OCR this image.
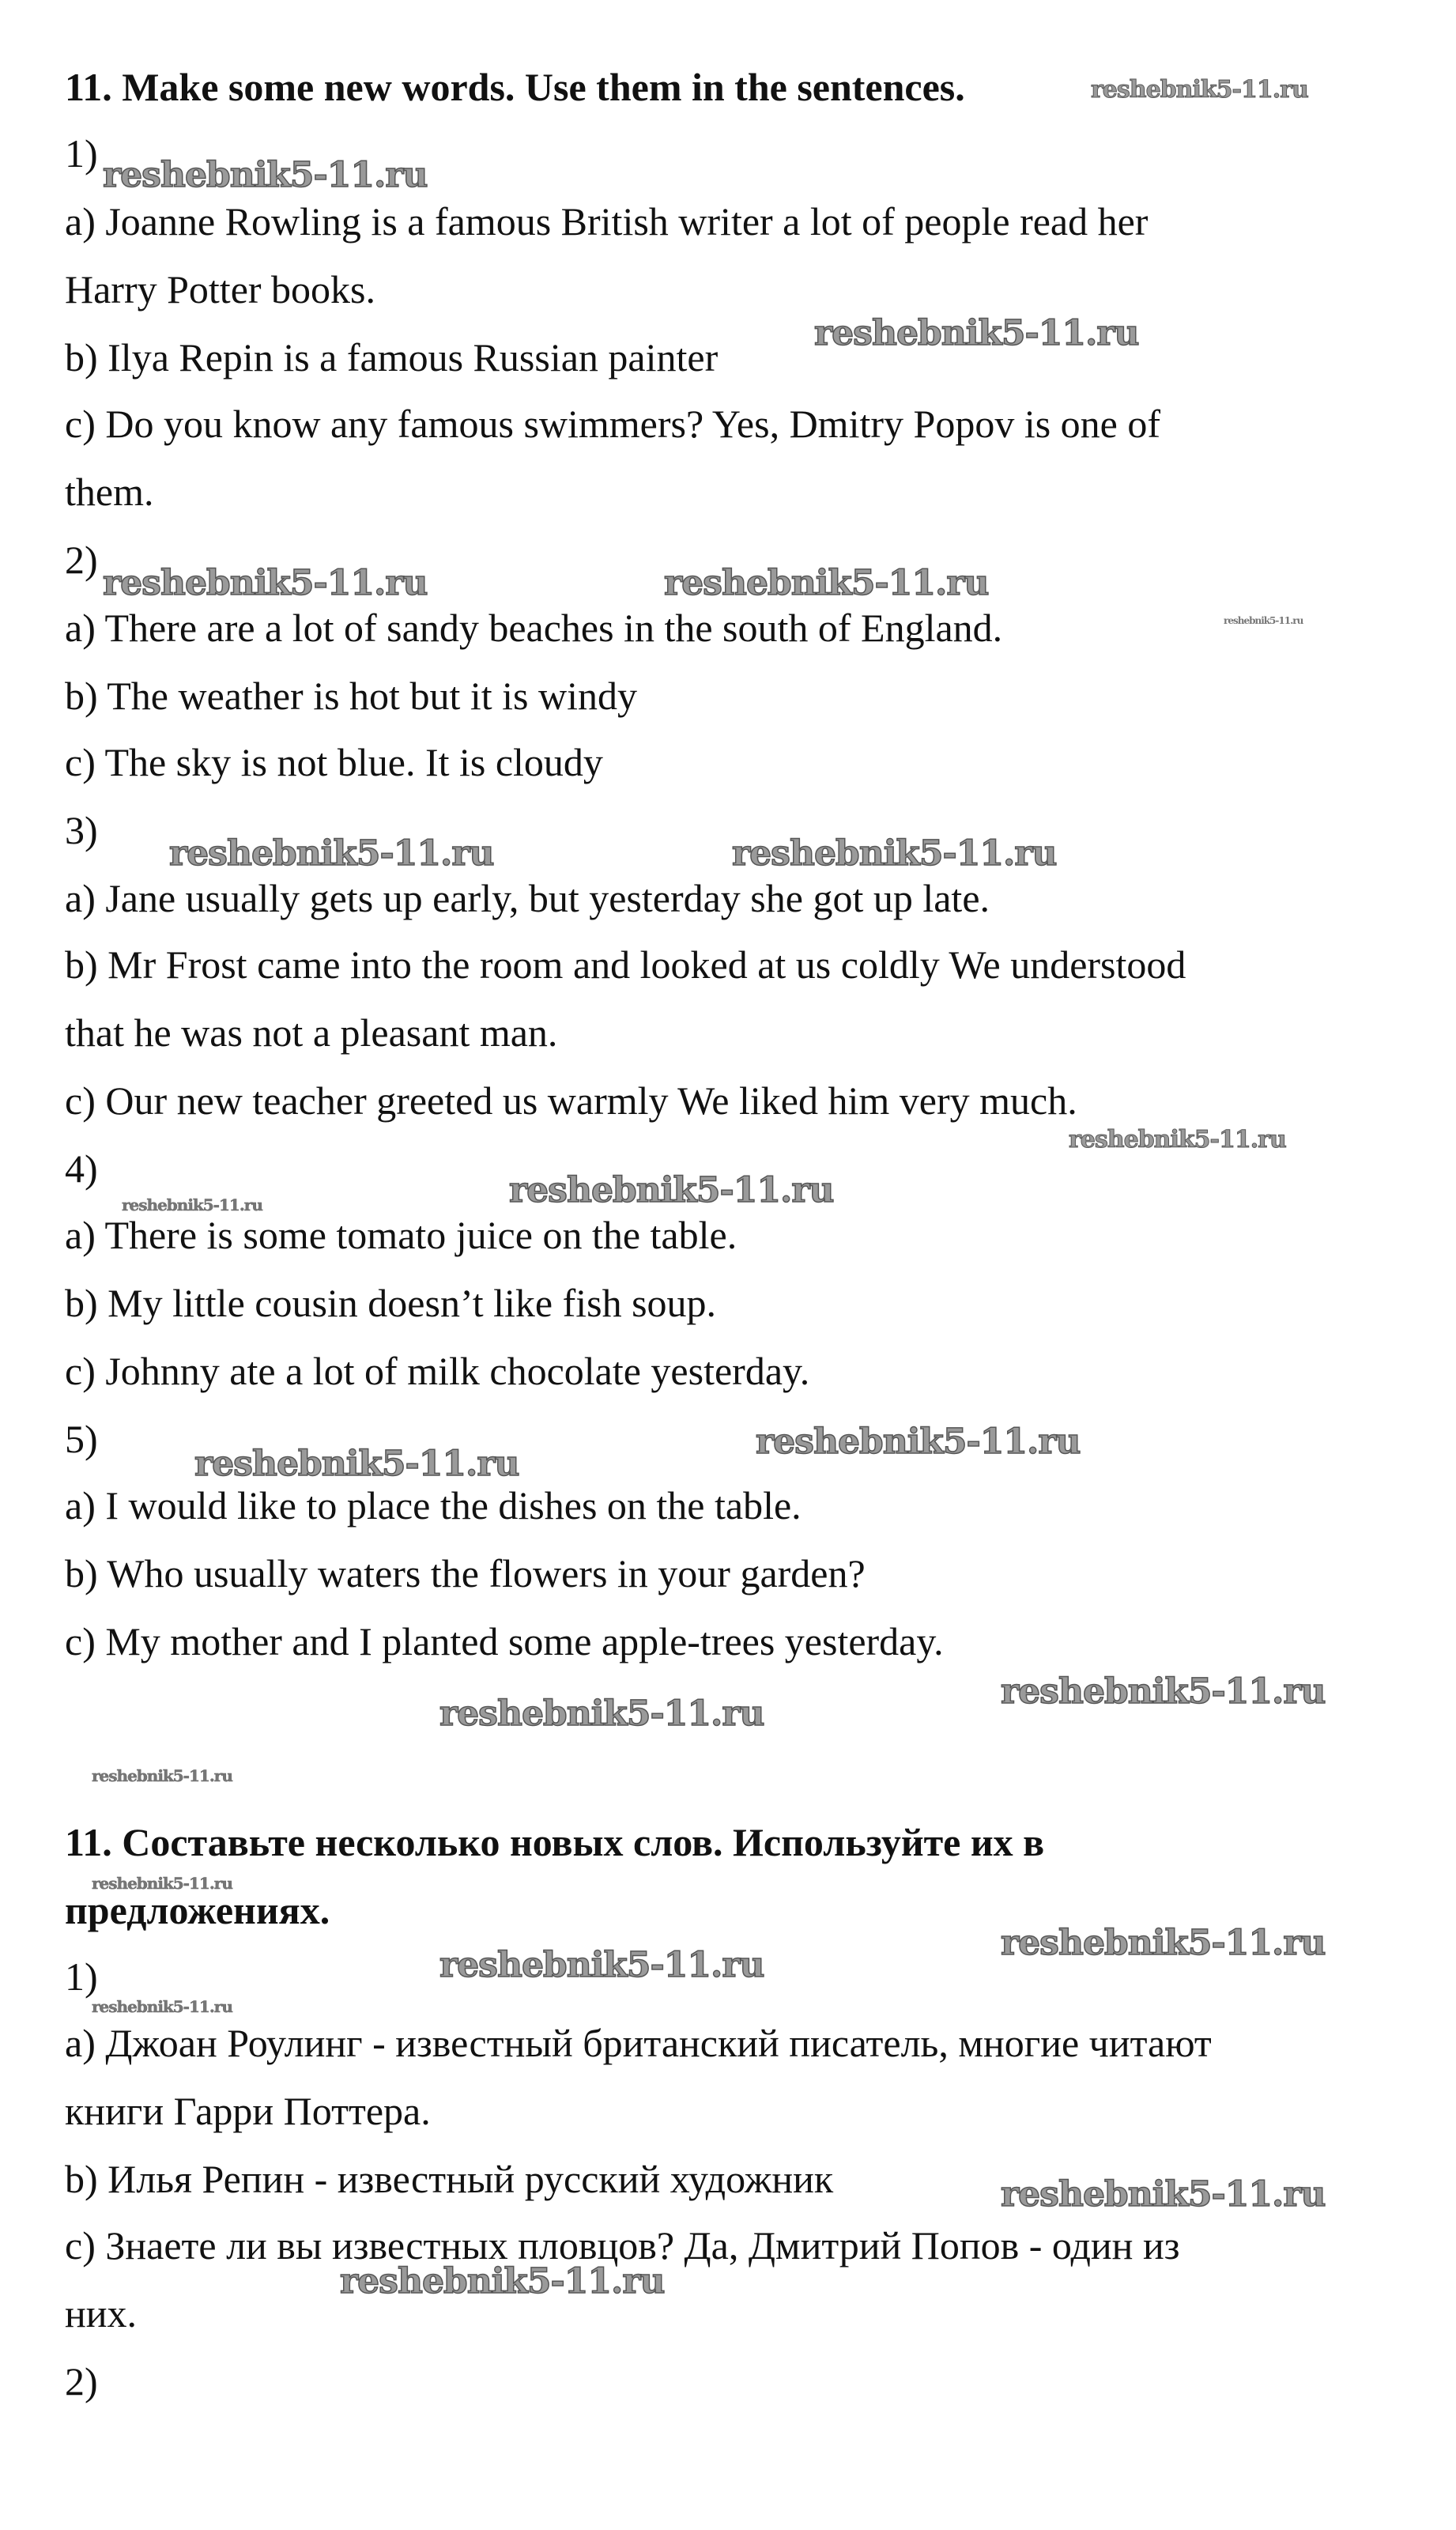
11. Make some new words. Use them in the sentences.
1)
a) Joanne Rowling is a famous British writer a lot of people read her
Harry Potter books.
b) Ilya Repin is a famous Russian painter
c) Do you know any famous swimmers? Yes, Dmitry Popov is one of
them.
2)
a) There are a lot of sandy beaches in the south of England.
b) The weather is hot but it is windy
c) The sky is not blue. It is cloudy
3)
a) Jane usually gets up early, but yesterday she got up late.
b) Mr Frost came into the room and looked at us coldly We understood
that he was not a pleasant man.
c) Our new teacher greeted us warmly We liked him very much.
4)
a) There is some tomato juice on the table.
b) My little cousin doesn’t like fish soup.
c) Johnny ate a lot of milk chocolate yesterday.
5)
a) I would like to place the dishes on the table.
b) Who usually waters the flowers in your garden?
c) My mother and I planted some apple-trees yesterday.
11. Составьте несколько новых слов. Используйте их в
предложениях.
1)
a) Джоан Роулинг - известный британский писатель, многие читают
книги Гарри Поттера.
b) Илья Репин - известный русский художник
c) Знаете ли вы известных пловцов? Да, Дмитрий Попов - один из
них.
2)
reshebnik5-11.ru
reshebnik5-11.ru
reshebnik5-11.ru
reshebnik5-11.ru	reshebnik5-11.ru
reshebnik5-11.ru
reshebnik5-11.ru	reshebnik5-11.ru
reshebnik5-11.ru
reshebnik5-11.ru	reshebnik5-11.ru
reshebnik5-11.ru
reshebnik5-11.ru
reshebnik5-11.ru
reshebnik5-11.ru
reshebnik5-11.ru
reshebnik5-11.ru
reshebnik5-11.ru
reshebnik5-11.ru
reshebnik5-11.ru
reshebnik5-11.ru
reshebnik5-11.ru
